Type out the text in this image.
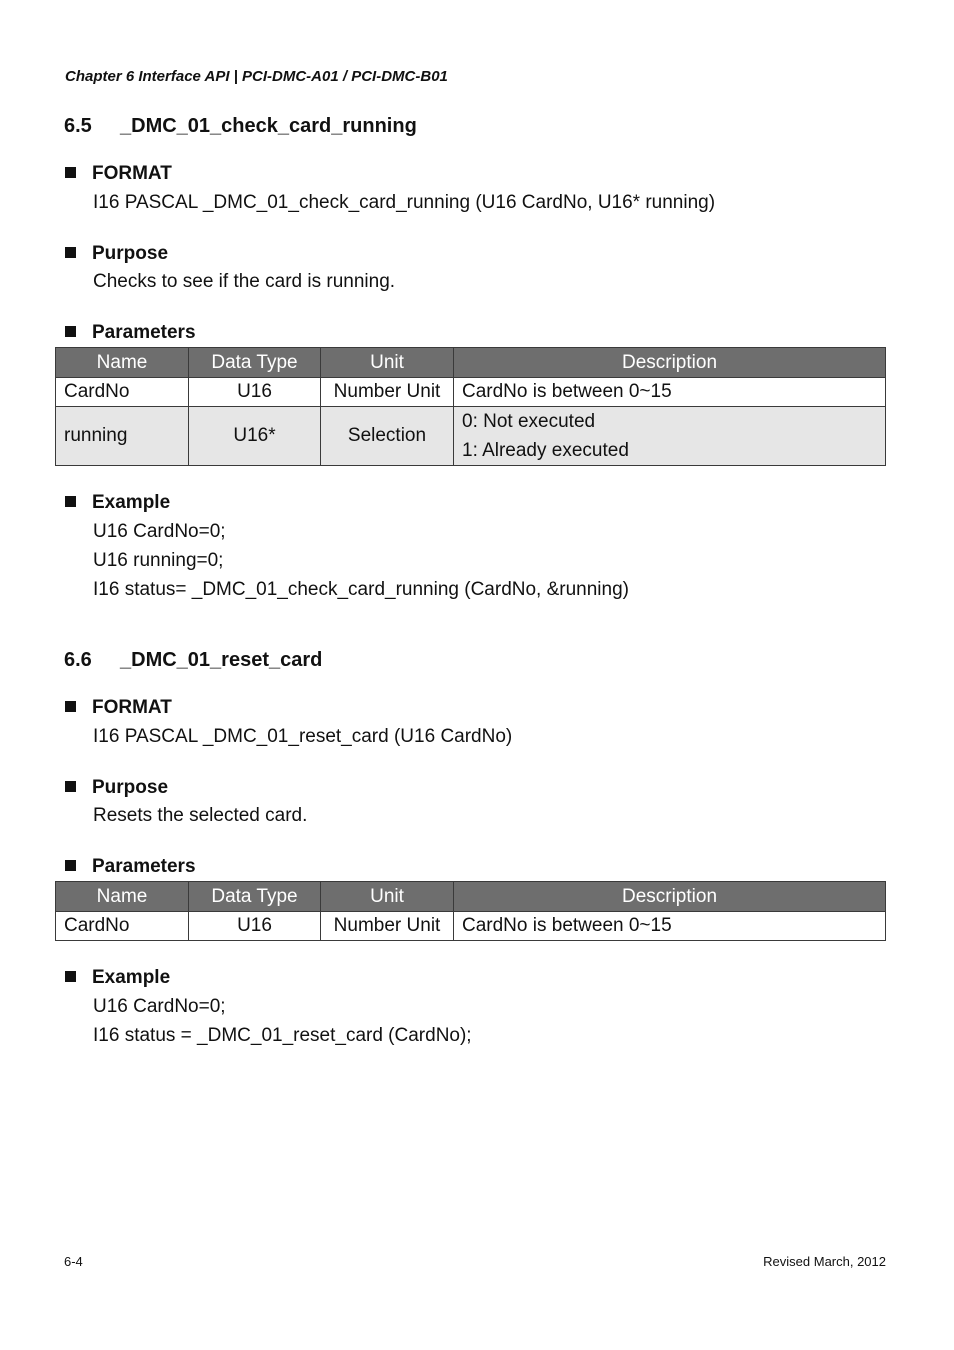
Chapter 6 Interface API | PCI-DMC-A01 / PCI-DMC-B01
6.5 _DMC_01_check_card_running
FORMAT
I16 PASCAL _DMC_01_check_card_running (U16 CardNo, U16* running)
Purpose
Checks to see if the card is running.
Parameters
Name	Data Type	Unit	Description
CardNo	U16	Number Unit	CardNo is between 0~15
running	U16*	Selection	0: Not executed
1: Already executed
Example
U16 CardNo=0;
U16 running=0;
I16 status= _DMC_01_check_card_running (CardNo, &running)
6.6 _DMC_01_reset_card
FORMAT
I16 PASCAL _DMC_01_reset_card (U16 CardNo)
Purpose
Resets the selected card.
Parameters
Name	Data Type	Unit	Description
CardNo	U16	Number Unit	CardNo is between 0~15
Example
U16 CardNo=0;
I16 status = _DMC_01_reset_card (CardNo);
6-4	Revised March, 2012
